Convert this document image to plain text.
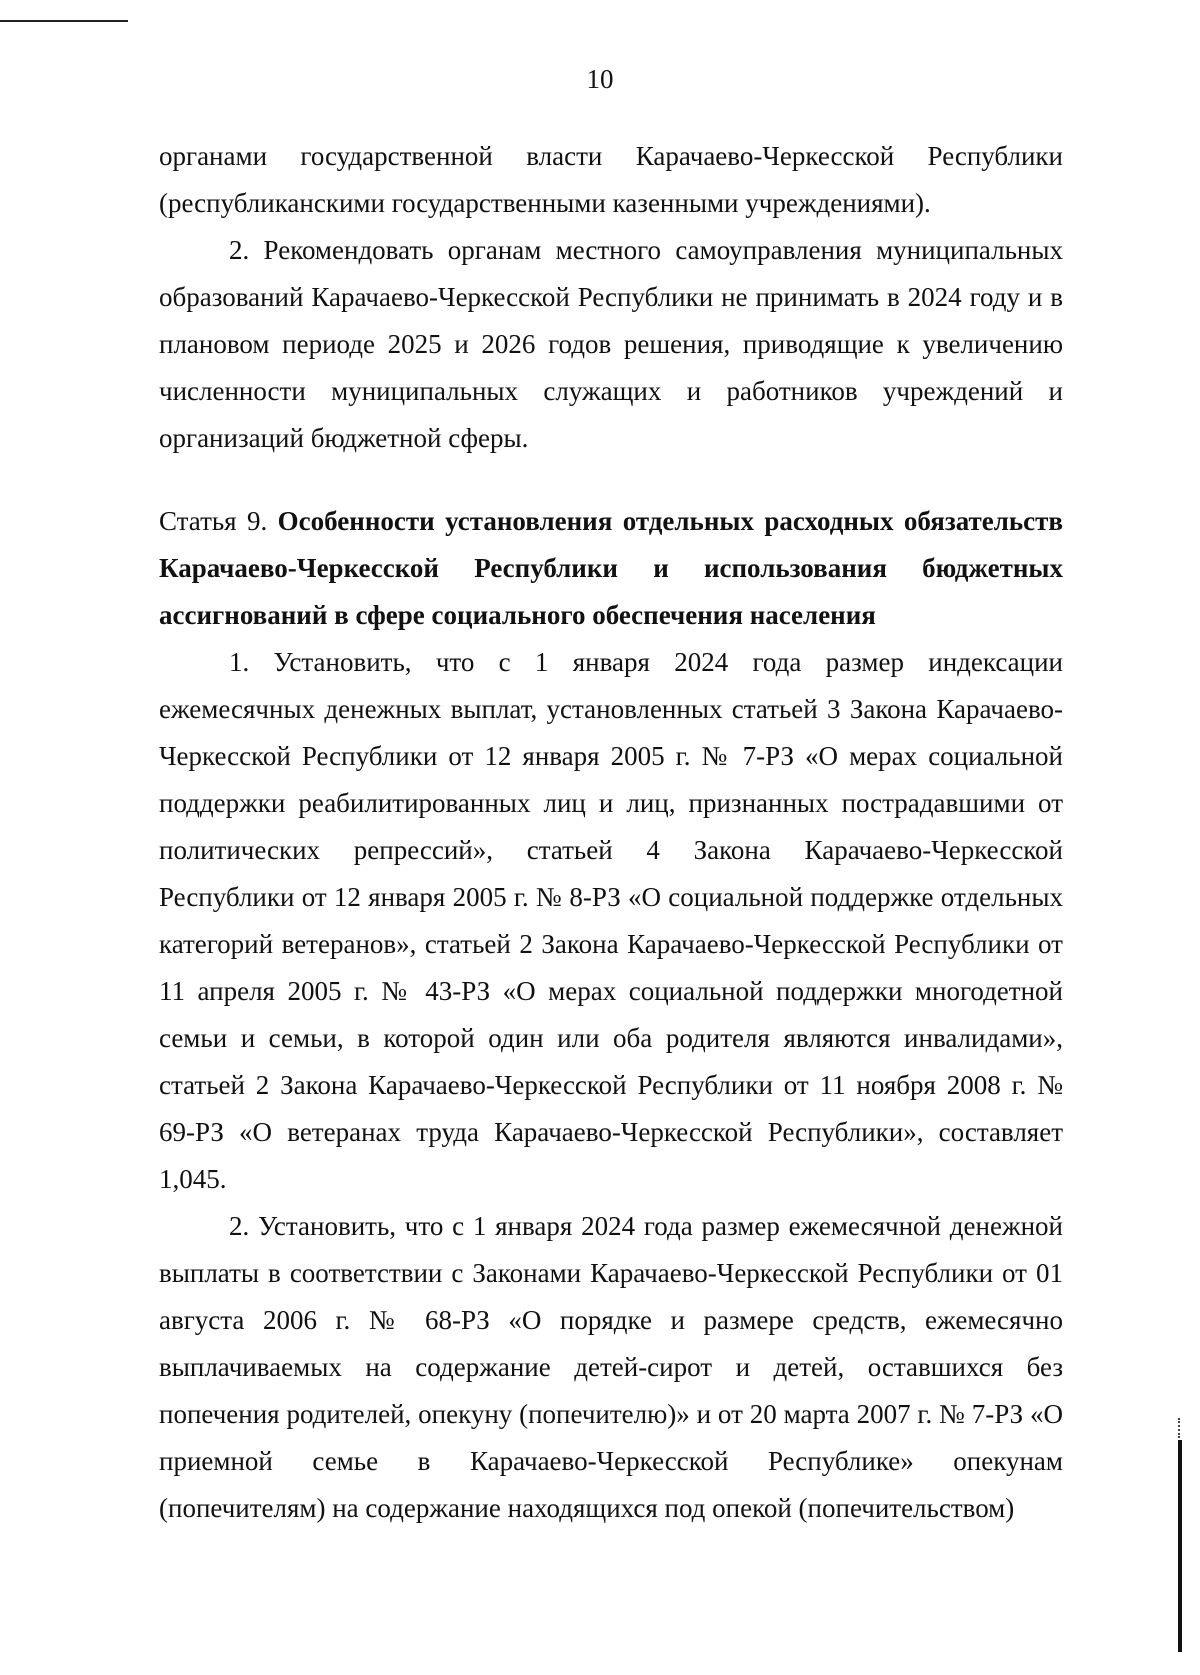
10

органами государственной власти Карачаево-Черкесской Республики (республиканскими государственными казенными учреждениями).

2. Рекомендовать органам местного самоуправления муниципальных образований Карачаево-Черкесской Республики не принимать в 2024 году и в плановом периоде 2025 и 2026 годов решения, приводящие к увеличению численности муниципальных служащих и работников учреждений и организаций бюджетной сферы.

Статья 9. Особенности установления отдельных расходных обязательств Карачаево-Черкесской Республики и использования бюджетных ассигнований в сфере социального обеспечения населения

1. Установить, что с 1 января 2024 года размер индексации ежемесячных денежных выплат, установленных статьей 3 Закона Карачаево-Черкесской Республики от 12 января 2005 г. № 7-РЗ «О мерах социальной поддержки реабилитированных лиц и лиц, признанных пострадавшими от политических репрессий», статьей 4 Закона Карачаево-Черкесской Республики от 12 января 2005 г. № 8-РЗ «О социальной поддержке отдельных категорий ветеранов», статьей 2 Закона Карачаево-Черкесской Республики от 11 апреля 2005 г. № 43-РЗ «О мерах социальной поддержки многодетной семьи и семьи, в которой один или оба родителя являются инвалидами», статьей 2 Закона Карачаево-Черкесской Республики от 11 ноября 2008 г. № 69-РЗ «О ветеранах труда Карачаево-Черкесской Республики», составляет 1,045.

2. Установить, что с 1 января 2024 года размер ежемесячной денежной выплаты в соответствии с Законами Карачаево-Черкесской Республики от 01 августа 2006 г. № 68-РЗ «О порядке и размере средств, ежемесячно выплачиваемых на содержание детей-сирот и детей, оставшихся без попечения родителей, опекуну (попечителю)» и от 20 марта 2007 г. № 7-РЗ «О приемной семье в Карачаево-Черкесской Республике» опекунам (попечителям) на содержание находящихся под опекой (попечительством)
